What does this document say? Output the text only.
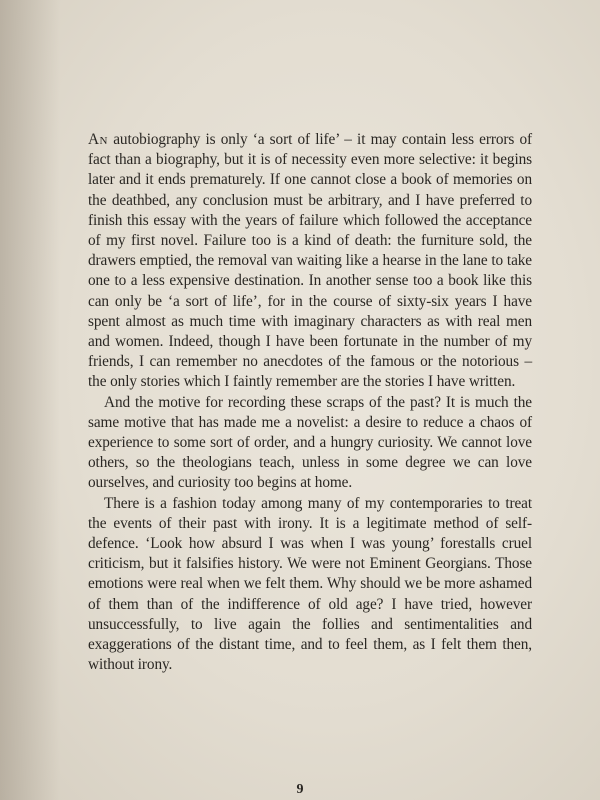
An autobiography is only ‘a sort of life’ – it may contain less errors of fact than a biography, but it is of necessity even more selective: it begins later and it ends prematurely. If one cannot close a book of memories on the deathbed, any conclusion must be arbitrary, and I have preferred to finish this essay with the years of failure which followed the acceptance of my first novel. Failure too is a kind of death: the furniture sold, the drawers emptied, the removal van waiting like a hearse in the lane to take one to a less expensive destination. In another sense too a book like this can only be ‘a sort of life’, for in the course of sixty-six years I have spent almost as much time with imaginary characters as with real men and women. Indeed, though I have been fortunate in the number of my friends, I can remember no anecdotes of the famous or the notorious – the only stories which I faintly remember are the stories I have written.

And the motive for recording these scraps of the past? It is much the same motive that has made me a novelist: a desire to reduce a chaos of experience to some sort of order, and a hungry curiosity. We cannot love others, so the theologians teach, unless in some degree we can love ourselves, and curiosity too begins at home.

There is a fashion today among many of my contemporaries to treat the events of their past with irony. It is a legitimate method of self-defence. ‘Look how absurd I was when I was young’ forestalls cruel criticism, but it falsifies history. We were not Eminent Georgians. Those emotions were real when we felt them. Why should we be more ashamed of them than of the indifference of old age? I have tried, however unsuccessfully, to live again the follies and sentimentalities and exaggerations of the distant time, and to feel them, as I felt them then, without irony.

9
